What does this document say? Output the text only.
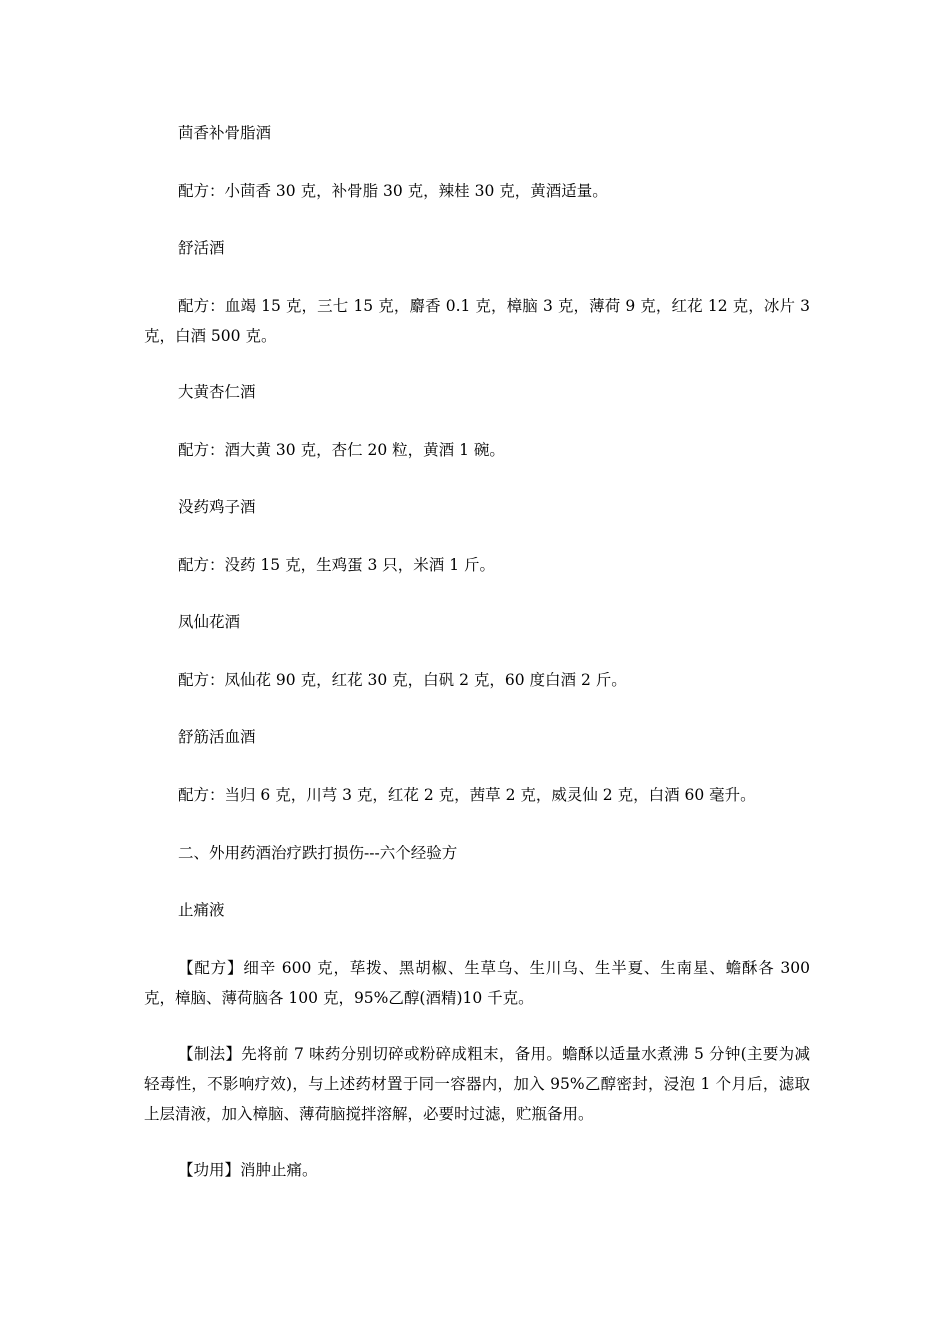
茴香补骨脂酒

配方：小茴香 30 克，补骨脂 30 克，辣桂 30 克，黄酒适量。

舒活酒

配方：血竭 15 克，三七 15 克，麝香 0.1 克，樟脑 3 克，薄荷 9 克，红花 12 克，冰片 3 克，白酒 500 克。

大黄杏仁酒

配方：酒大黄 30 克，杏仁 20 粒，黄酒 1 碗。

没药鸡子酒

配方：没药 15 克，生鸡蛋 3 只，米酒 1 斤。

凤仙花酒

配方：凤仙花 90 克，红花 30 克，白矾 2 克，60 度白酒 2 斤。

舒筋活血酒

配方：当归 6 克，川芎 3 克，红花 2 克，茜草 2 克，威灵仙 2 克，白酒 60 毫升。

二、外用药酒治疗跌打损伤---六个经验方

止痛液

【配方】细辛 600 克，荜拨、黑胡椒、生草乌、生川乌、生半夏、生南星、蟾酥各 300 克，樟脑、薄荷脑各 100 克，95%乙醇(酒精)10 千克。

【制法】先将前 7 味药分别切碎或粉碎成粗末，备用。蟾酥以适量水煮沸 5 分钟(主要为减轻毒性，不影响疗效)，与上述药材置于同一容器内，加入 95%乙醇密封，浸泡 1 个月后，滤取上层清液，加入樟脑、薄荷脑搅拌溶解，必要时过滤，贮瓶备用。

【功用】消肿止痛。
